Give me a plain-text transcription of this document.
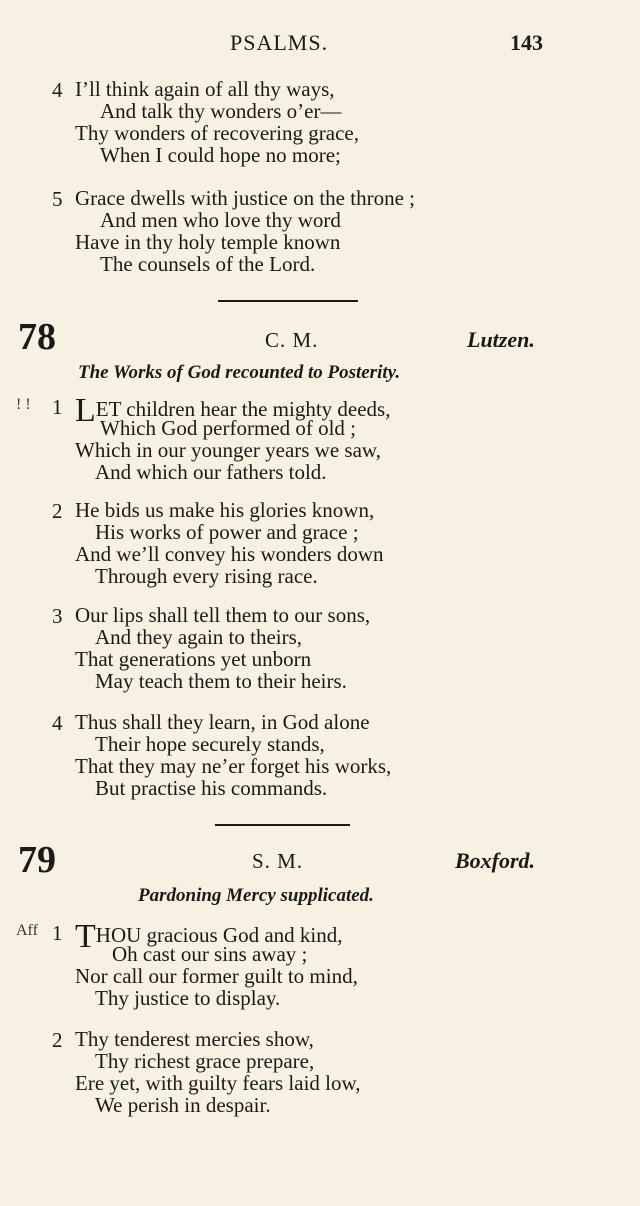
PSALMS.	143
4 I’ll think again of all thy ways,
And talk thy wonders o’er—
Thy wonders of recovering grace,
When I could hope no more;
5 Grace dwells with justice on the throne ;
And men who love thy word
Have in thy holy temple known
The counsels of the Lord.
78	C. M.	Lutzen.
The Works of God recounted to Posterity.
! ! 1 LET children hear the mighty deeds,
Which God performed of old ;
Which in our younger years we saw,
And which our fathers told.
2 He bids us make his glories known,
His works of power and grace ;
And we’ll convey his wonders down
Through every rising race.
3 Our lips shall tell them to our sons,
And they again to theirs,
That generations yet unborn
May teach them to their heirs.
4 Thus shall they learn, in God alone
Their hope securely stands,
That they may ne’er forget his works,
But practise his commands.
79	S. M.	Boxford.
Pardoning Mercy supplicated.
Aff 1 THOU gracious God and kind,
Oh cast our sins away ;
Nor call our former guilt to mind,
Thy justice to display.
2 Thy tenderest mercies show,
Thy richest grace prepare,
Ere yet, with guilty fears laid low,
We perish in despair.
